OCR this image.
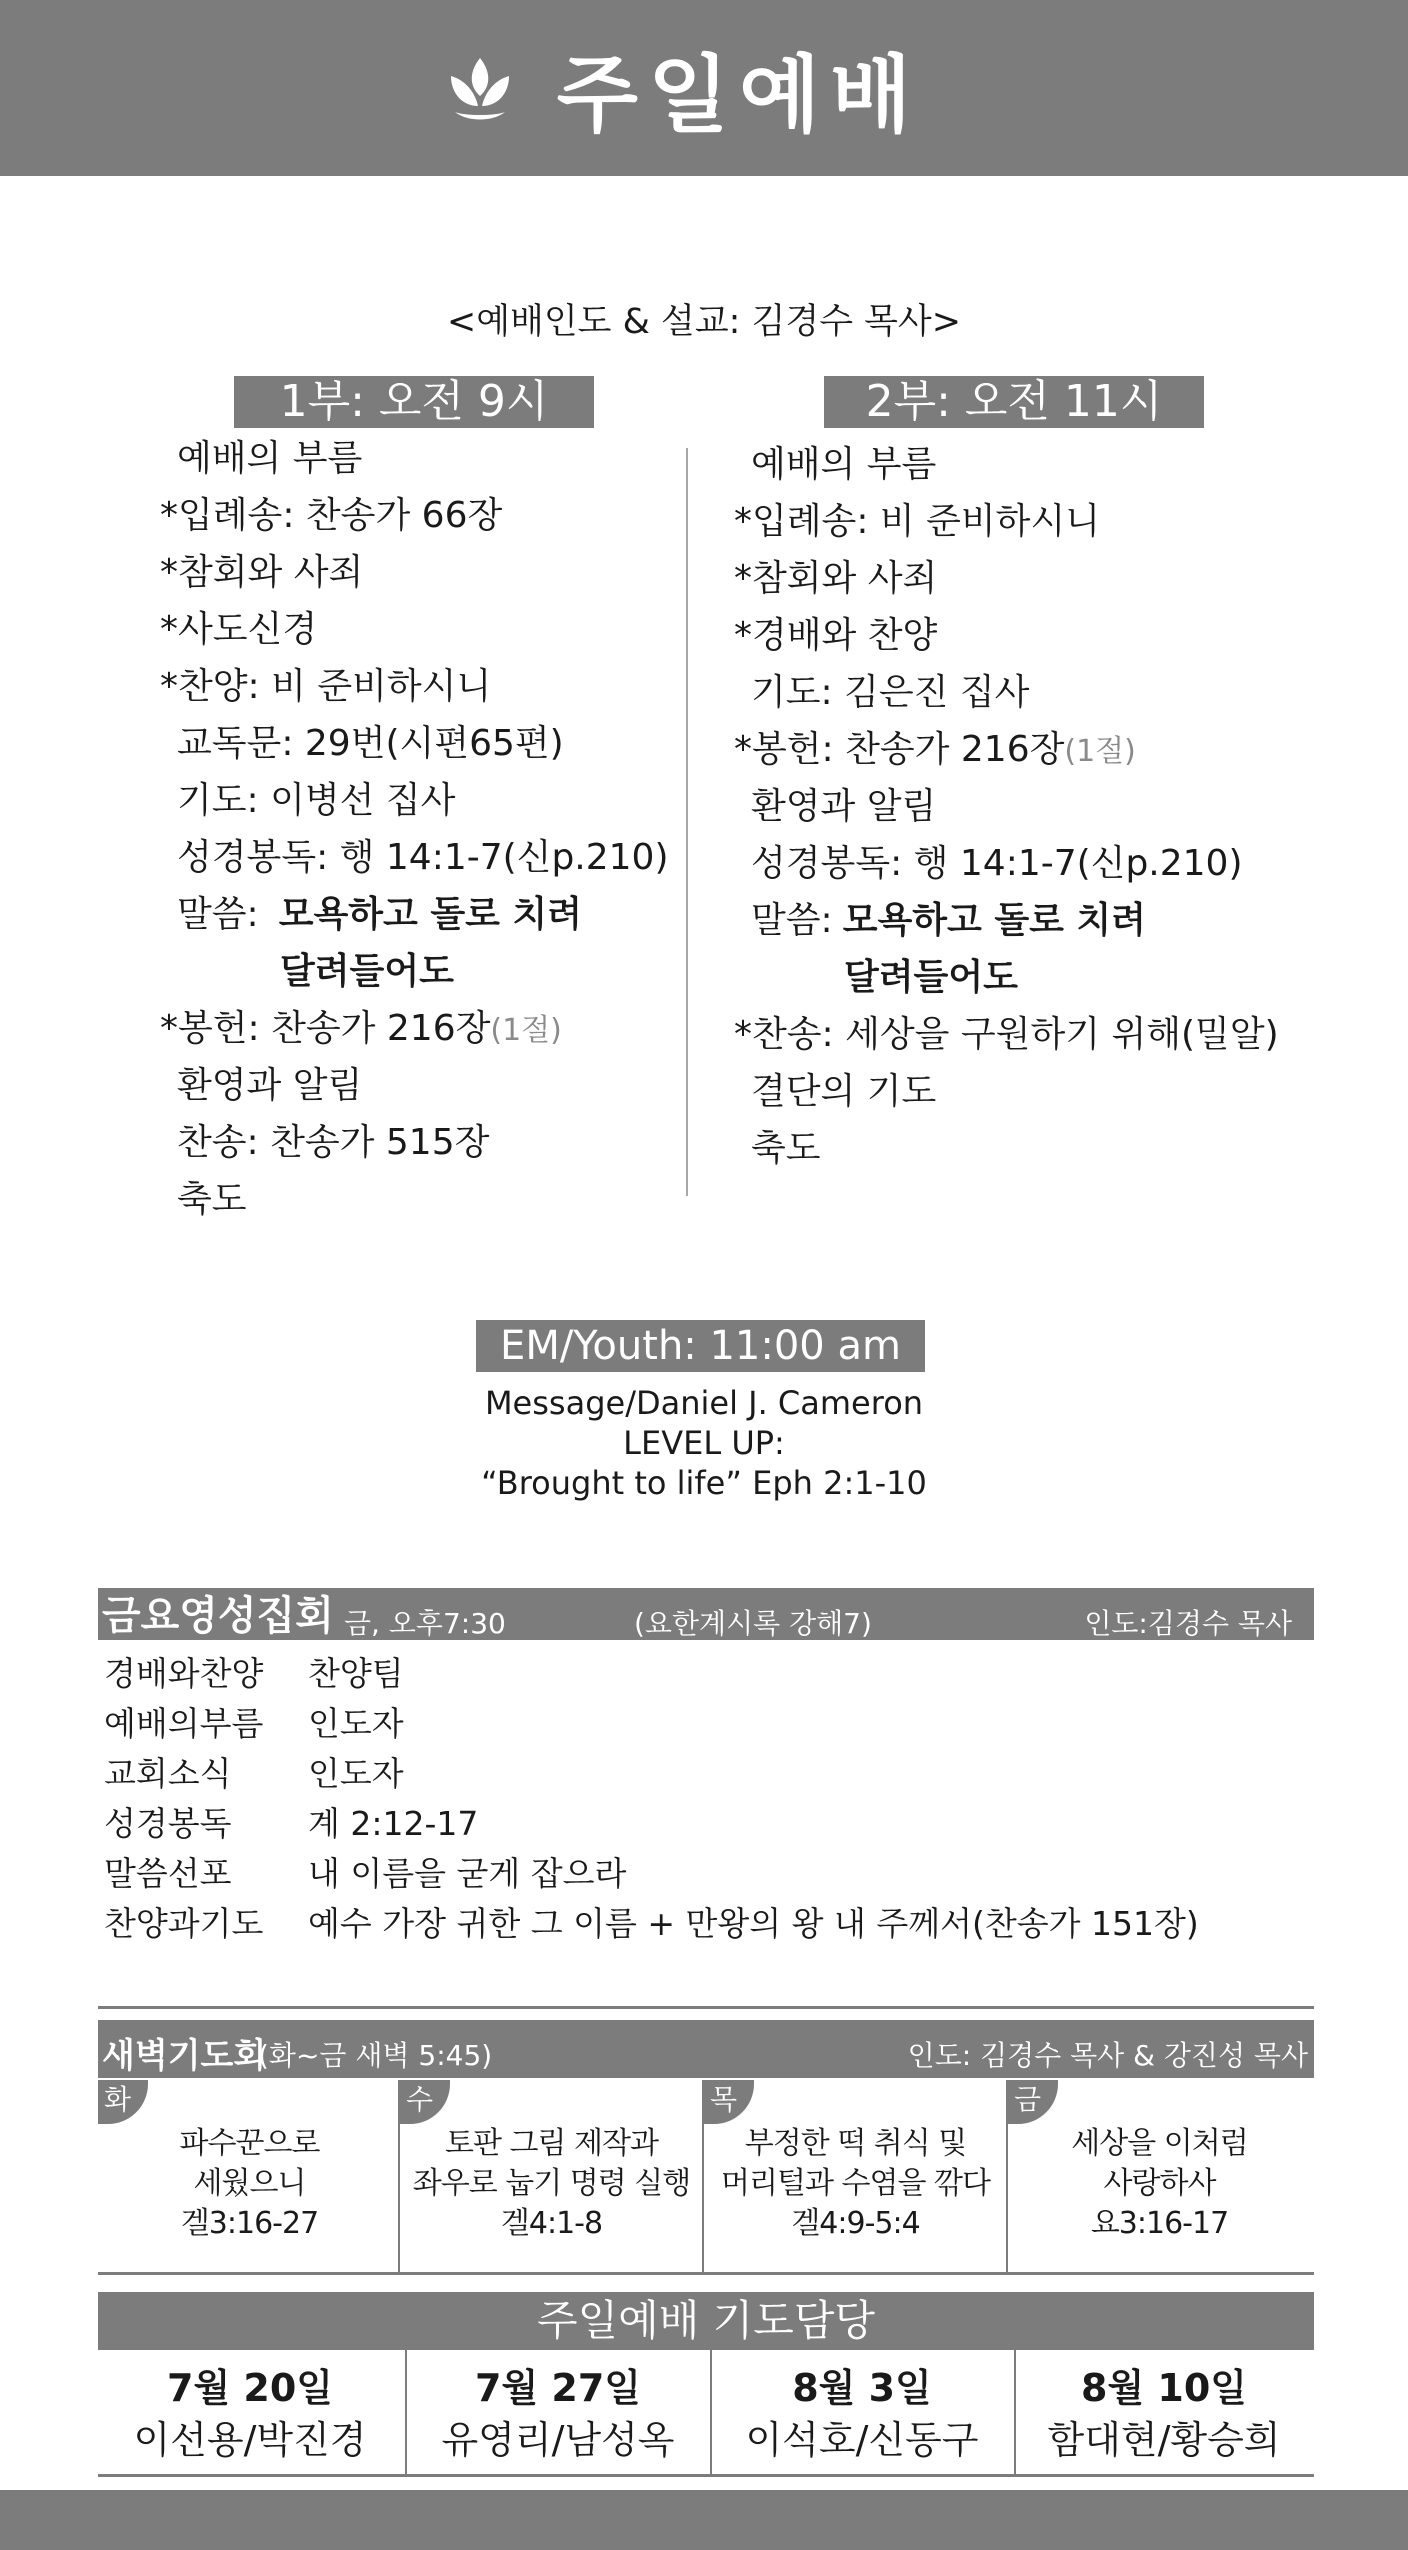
주일예배
<예배인도 & 설교: 김경수 목사>
1부: 오전 9시
예배의 부름
*입례송: 찬송가 66장
*참회와 사죄
*사도신경
*찬양: 비 준비하시니
교독문: 29번(시편65편)
기도: 이병선 집사
성경봉독: 행 14:1-7(신p.210)
말씀: 모욕하고 돌로 치려
달려들어도
*봉헌: 찬송가 216장(1절)
환영과 알림
찬송: 찬송가 515장
축도
2부: 오전 11시
예배의 부름
*입례송: 비 준비하시니
*참회와 사죄
*경배와 찬양
기도: 김은진 집사
*봉헌: 찬송가 216장(1절)
환영과 알림
성경봉독: 행 14:1-7(신p.210)
말씀: 모욕하고 돌로 치려
달려들어도
*찬송: 세상을 구원하기 위해(밀알)
결단의 기도
축도
EM/Youth: 11:00 am
Message/Daniel J. Cameron
LEVEL UP:
“Brought to life” Eph 2:1-10
금요영성집회 금, 오후7:30	(요한계시록 강해7)	인도:김경수 목사
경배와찬양 찬양팀
예배의부름 인도자
교회소식 인도자
성경봉독 계 2:12-17
말씀선포 내 이름을 굳게 잡으라
찬양과기도 예수 가장 귀한 그 이름 + 만왕의 왕 내 주께서(찬송가 151장)
새벽기도회
(화~금 새벽 5:45)	인도: 김경수 목사 & 강진성 목사
화
파수꾼으로
세웠으니
겔3:16-27
수
토판 그림 제작과
좌우로 눕기 명령 실행
겔4:1-8
목
부정한 떡 취식 및
머리털과 수염을 깎다
겔4:9-5:4
금
세상을 이처럼
사랑하사
요3:16-17
주일예배 기도담당
7월 20일
이선용/박진경
7월 27일
유영리/남성옥
8월 3일
이석호/신동구
8월 10일
함대현/황승희
